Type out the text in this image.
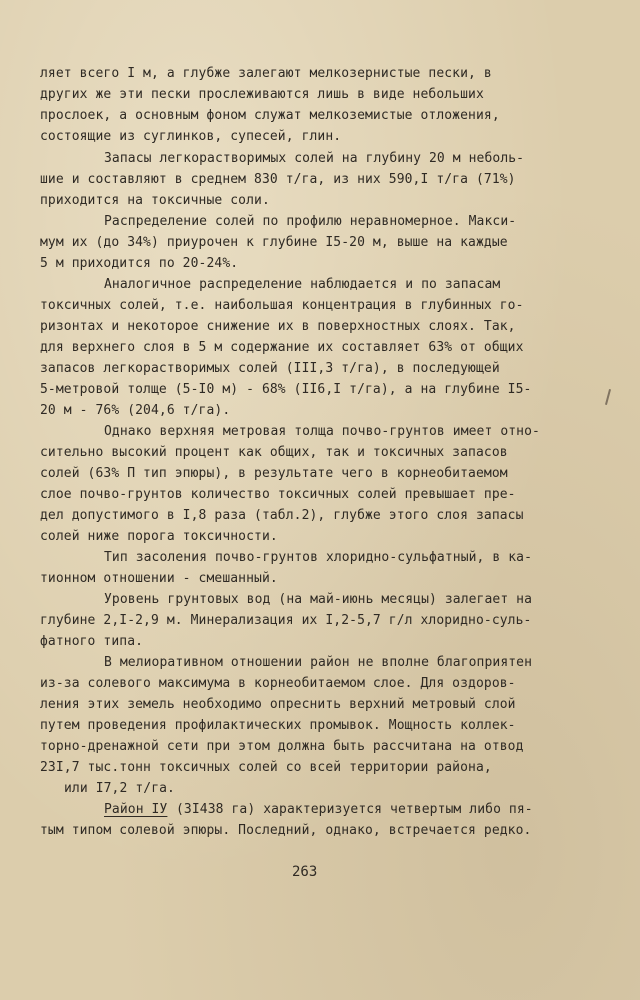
ляет всего I м, а глубже залегают мелкозернистые пески, в
других же эти пески прослеживаются лишь в виде небольших
прослоек, а основным фоном служат мелкоземистые отложения,
состоящие из суглинков, супесей, глин.
Запасы легкорастворимых солей на глубину 20 м неболь-
шие и составляют в среднем 830 т/га, из них 590,I т/га (71%)
приходится на токсичные соли.
Распределение солей по профилю неравномерное. Макси-
мум их (до 34%) приурочен к глубине I5-20 м, выше на каждые
5 м приходится по 20-24%.
Аналогичное распределение наблюдается и по запасам
токсичных солей, т.е. наибольшая концентрация в глубинных го-
ризонтах и некоторое снижение их в поверхностных слоях. Так,
для верхнего слоя в 5 м содержание их составляет 63% от общих
запасов легкорастворимых солей (III,3 т/га), в последующей
5-метровой толще (5-I0 м) - 68% (II6,I т/га), а на глубине I5-
20 м - 76% (204,6 т/га).
Однако верхняя метровая толща почво-грунтов имеет отно-
сительно высокий процент как общих, так и токсичных запасов
солей (63% П тип эпюры), в результате чего в корнеобитаемом
слое почво-грунтов количество токсичных солей превышает пре-
дел допустимого в I,8 раза (табл.2), глубже этого слоя запасы
солей ниже порога токсичности.
Тип засоления почво-грунтов хлоридно-сульфатный, в ка-
тионном отношении - смешанный.
Уровень грунтовых вод (на май-июнь месяцы) залегает на
глубине 2,I-2,9 м. Минерализация их I,2-5,7 г/л хлоридно-суль-
фатного типа.
В мелиоративном отношении район не вполне благоприятен
из-за солевого максимума в корнеобитаемом слое. Для оздоров-
ления этих земель необходимо опреснить верхний метровый слой
путем проведения профилактических промывок. Мощность коллек-
торно-дренажной сети при этом должна быть рассчитана на отвод
23I,7 тыс.тонн токсичных солей со всей территории района,
или I7,2 т/га.
Район IУ (3I438 га) характеризуется четвертым либо пя-
тым типом солевой эпюры. Последний, однако, встречается редко.
263
